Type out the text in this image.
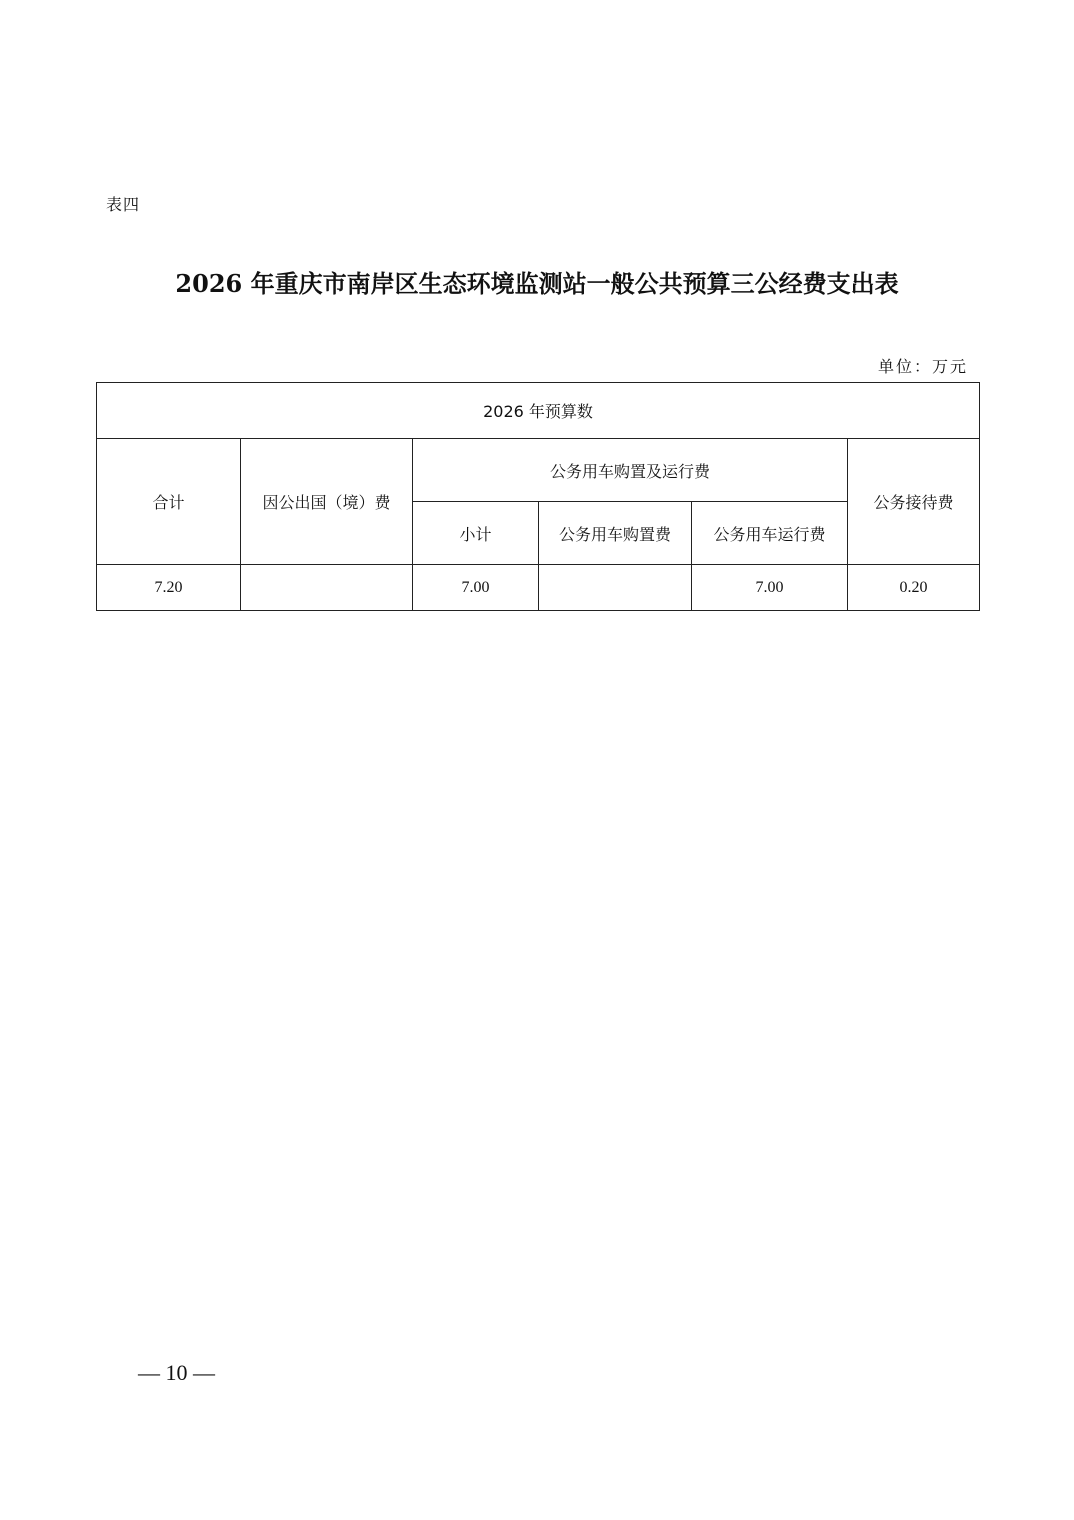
表四
2026 年重庆市南岸区生态环境监测站一般公共预算三公经费支出表
单位：万元
2026 年预算数					
合计	因公出国（境）费	公务用车购置及运行费			公务接待费
		小计	公务用车购置费	公务用车运行费	
7.20		7.00		7.00	0.20
— 10 —
